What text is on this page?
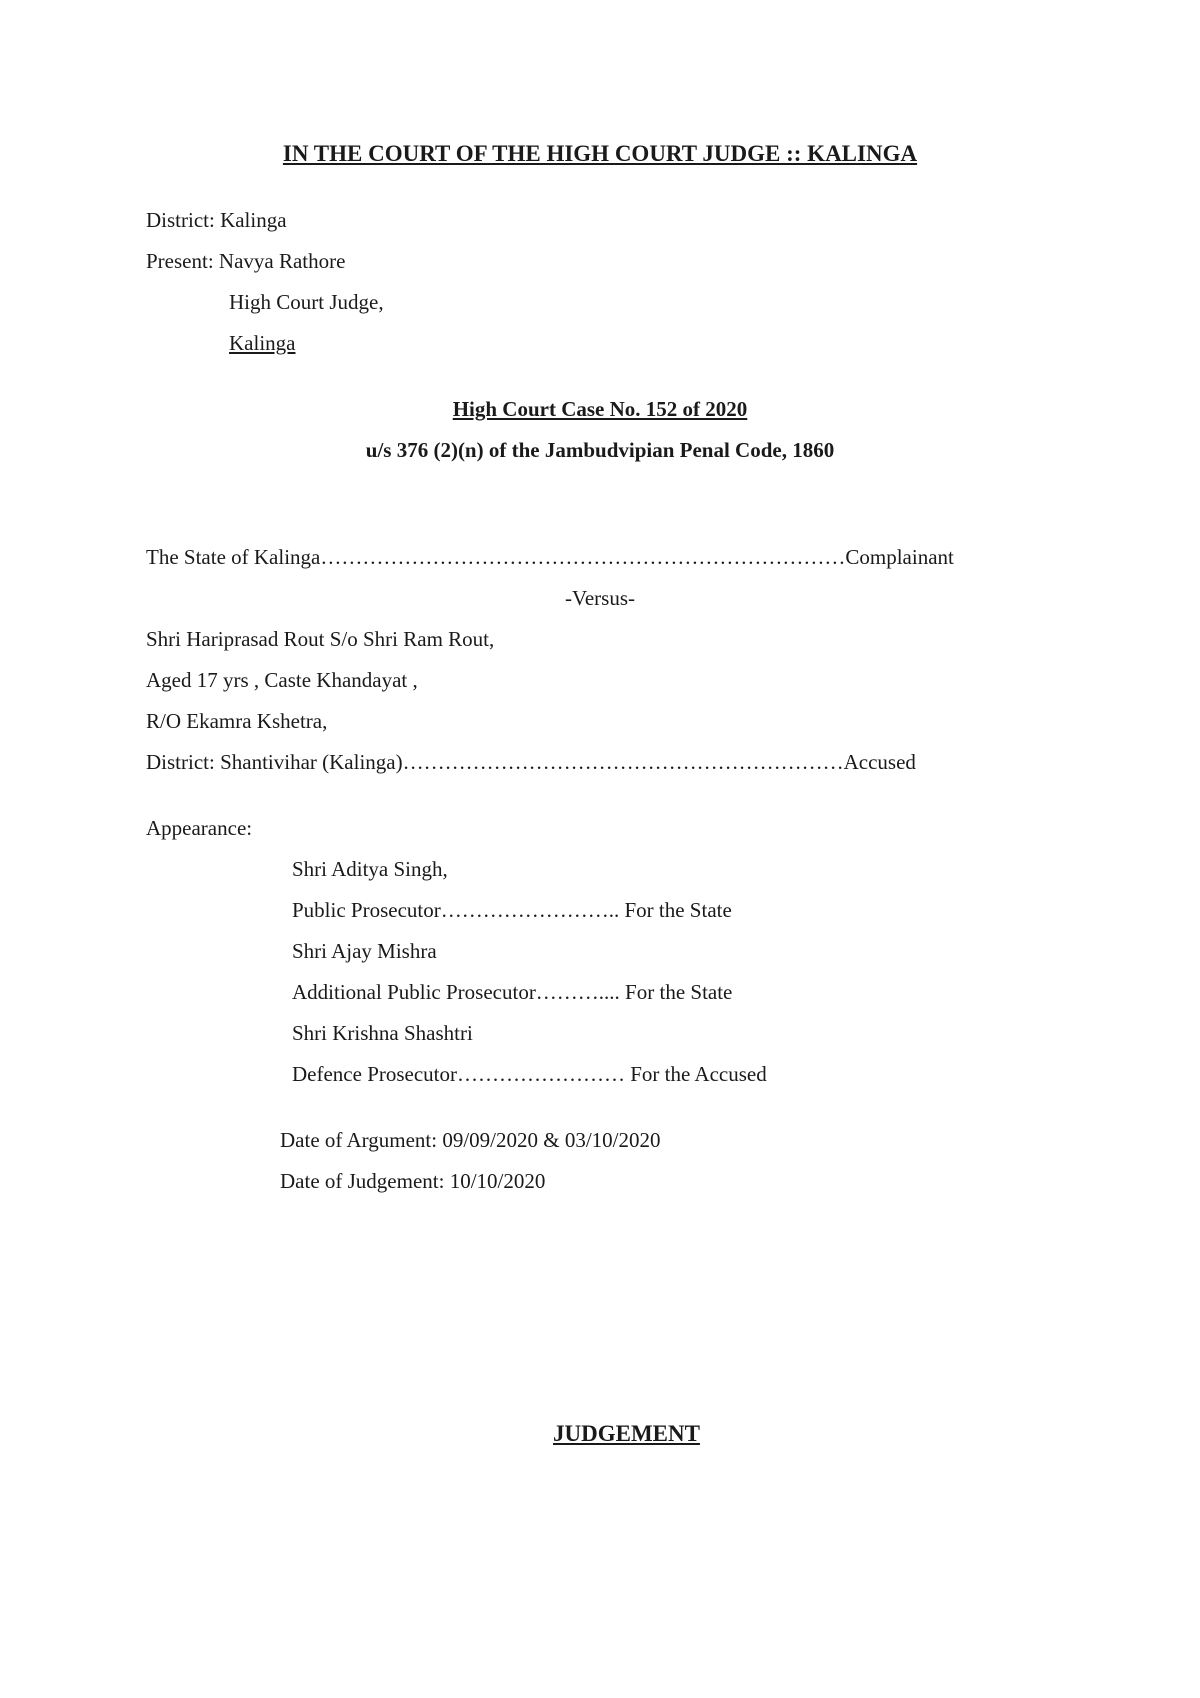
IN THE COURT OF THE HIGH COURT JUDGE :: KALINGA
District: Kalinga
Present: Navya Rathore
High Court Judge,
Kalinga
High Court Case No. 152 of 2020
u/s 376 (2)(n) of the Jambudvipian Penal Code, 1860
The State of Kalinga…………………………………………………………………Complainant
-Versus-
Shri Hariprasad Rout S/o Shri Ram Rout,
Aged 17 yrs , Caste Khandayat ,
R/O Ekamra Kshetra,
District: Shantivihar (Kalinga)………………………………………………………Accused
Appearance:
Shri Aditya Singh,
Public Prosecutor…………………….. For the State
Shri Ajay Mishra
Additional Public Prosecutor……….... For the State
Shri Krishna Shashtri
Defence Prosecutor…………………… For the Accused
Date of Argument: 09/09/2020 & 03/10/2020
Date of Judgement: 10/10/2020
JUDGEMENT
